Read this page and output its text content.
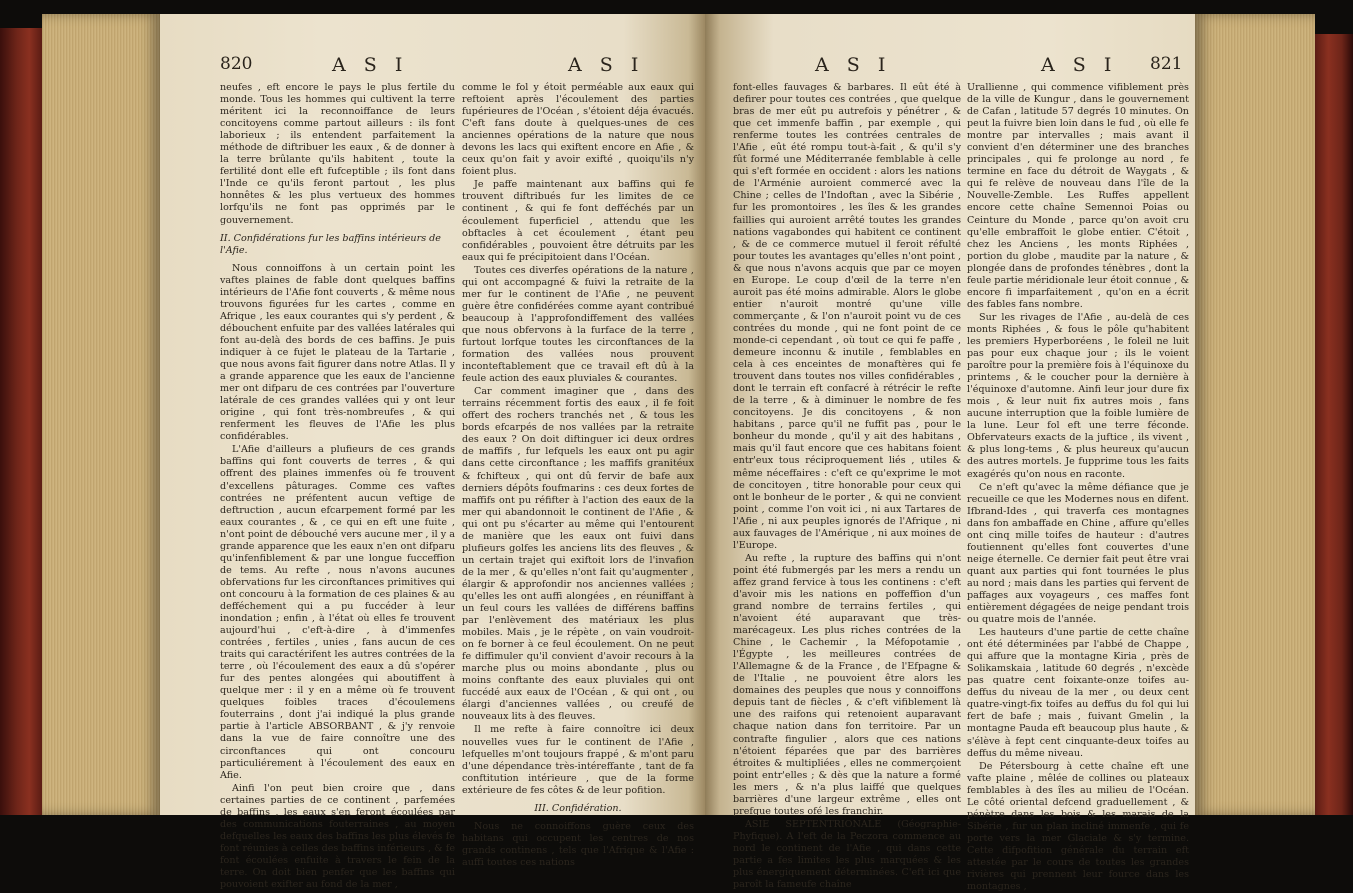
820	A S I	A S I

neufes , eft encore le pays le plus fertile du monde. Tous les hommes qui cultivent la terre méritent ici la reconnoiffance de leurs concitoyens comme partout ailleurs : ils font laborieux ; ils entendent parfaitement la méthode de diftribuer les eaux , & de donner à la terre brûlante qu'ils habitent , toute la fertilité dont elle eft fufceptible ; ils font dans l'Inde ce qu'ils feront partout , les plus honnêtes & les plus vertueux des hommes lorfqu'ils ne font pas opprimés par le gouvernement.

II. Confidérations fur les baffins intérieurs de l'Afie.

Nous connoiffons à un certain point les vaftes plaines de fable dont quelques baffins intérieurs de l'Afie font couverts , & même nous trouvons figurées fur les cartes , comme en Afrique , les eaux courantes qui s'y perdent , & débouchent enfuite par des vallées latérales qui font au-delà des bords de ces baffins. Je puis indiquer à ce fujet le plateau de la Tartarie , que nous avons fait figurer dans notre Atlas. Il y a grande apparence que les eaux de l'ancienne mer ont difparu de ces contrées par l'ouverture latérale de ces grandes vallées qui y ont leur origine , qui font très-nombreufes , & qui renferment les fleuves de l'Afie les plus confidérables.

L'Afie d'ailleurs a plufieurs de ces grands baffins qui font couverts de terres , & qui offrent des plaines immenfes où fe trouvent d'excellens pâturages. Comme ces vaftes contrées ne préfentent aucun veftige de deftruction , aucun efcarpement formé par les eaux courantes , & , ce qui en eft une fuite , n'ont point de débouché vers aucune mer , il y a grande apparence que les eaux n'en ont difparu qu'infenfiblement & par une longue fucceffion de tems. Au refte , nous n'avons aucunes obfervations fur les circonftances primitives qui ont concouru à la formation de ces plaines & au defféchement qui a pu fuccéder à leur inondation ; enfin , à l'état où elles fe trouvent aujourd'hui , c'eft-à-dire , à d'immenfes contrées , fertiles , unies , fans aucun de ces traits qui caractérifent les autres contrées de la terre , où l'écoulement des eaux a dû s'opérer fur des pentes alongées qui aboutiffent à quelque mer : il y en a même où fe trouvent quelques foibles traces d'écoulemens fouterrains , dont j'ai indiqué la plus grande partie à l'article ABSORBANT , & j'y renvoie dans la vue de faire connoître une des circonftances qui ont concouru particuliérement à l'écoulement des eaux en Afie.

Ainfi l'on peut bien croire que , dans certaines parties de ce continent , parfemées de baffins , les eaux s'en feront écoulées par des communications fouterraines , au moyen defquelles les eaux des baffins les plus élevés fe font réunies à celles des baffins inférieurs , & fe font écoulées enfuite à travers le fein de la terre. On doit bien penfer que les baffins qui pouvoient exifter au fond de la mer ,

comme le fol y étoit perméable aux eaux qui reftoient après l'écoulement des parties fupérieures de l'Océan , s'étoient déja évacués. C'eft fans doute à quelques-unes de ces anciennes opérations de la nature que nous devons les lacs qui exiftent encore en Afie , & ceux qu'on fait y avoir exifté , quoiqu'ils n'y foient plus.

Je paffe maintenant aux baffins qui fe trouvent diftribués fur les limites de ce continent , & qui fe font defféchés par un écoulement fuperficiel , attendu que les obftacles à cet écoulement , étant peu confidérables , pouvoient être détruits par les eaux qui fe précipitoient dans l'Océan.

Toutes ces diverfes opérations de la nature , qui ont accompagné & fuivi la retraite de la mer fur le continent de l'Afie , ne peuvent guère être confidérées comme ayant contribué beaucoup à l'approfondiffement des vallées que nous obfervons à la furface de la terre , furtout lorfque toutes les circonftances de la formation des vallées nous prouvent inconteftablement que ce travail eft dû à la feule action des eaux pluviales & courantes.

Car comment imaginer que , dans des terrains récemment fortis des eaux , il fe foit offert des rochers tranchés net , & tous les bords efcarpés de nos vallées par la retraite des eaux ? On doit diftinguer ici deux ordres de maffifs , fur lefquels les eaux ont pu agir dans cette circonftance ; les maffifs granitéux & fchifteux , qui ont dû fervir de bafe aux derniers dépôts foufmarins : ces deux fortes de maffifs ont pu réfifter à l'action des eaux de la mer qui abandonnoit le continent de l'Afie , & qui ont pu s'écarter au même qui l'entourent de manière que les eaux ont fuivi dans plufieurs golfes les anciens lits des fleuves , & un certain trajet qui exiftoit lors de l'invafion de la mer , & qu'elles n'ont fait qu'augmenter , élargir & approfondir nos anciennes vallées ; qu'elles les ont auffi alongées , en réuniffant à un feul cours les vallées de différens baffins par l'enlèvement des matériaux les plus mobiles. Mais , je le répète , on vain voudroit-on fe borner à ce feul écoulement. On ne peut fe diffimuler qu'il convient d'avoir recours à la marche plus ou moins abondante , plus ou moins conftante des eaux pluviales qui ont fuccédé aux eaux de l'Océan , & qui ont , ou élargi d'anciennes vallées , ou creufé de nouveaux lits à des fleuves.

Il me refte à faire connoître ici deux nouvelles vues fur le continent de l'Afie , lefquelles m'ont toujours frappé , & m'ont paru d'une dépendance très-intéreffante , tant de fa conftitution intérieure , que de la forme extérieure de fes côtes & de leur pofition.

III. Confidération.

Nous ne connoiffons guère ceux des habitans qui occupent les centres de nos grands continens , tels que l'Afrique & l'Afie : auffi toutes ces nations

A S I	A S I 821

font-elles fauvages & barbares. Il eût été à defirer pour toutes ces contrées , que quelque bras de mer eût pu autrefois y pénétrer , & que cet immenfe baffin , par exemple , qui renferme toutes les contrées centrales de l'Afie , eût été rompu tout-à-fait , & qu'il s'y fût formé une Méditerranée femblable à celle qui s'eft formée en occident : alors les nations de l'Arménie auroient commercé avec la Chine ; celles de l'Indoftan , avec la Sibérie , fur les promontoires , les îles & les grandes faillies qui auroient arrêté toutes les grandes nations vagabondes qui habitent ce continent , & de ce commerce mutuel il feroit réfulté pour toutes les avantages qu'elles n'ont point , & que nous n'avons acquis que par ce moyen en Europe. Le coup d'œil de la terre n'en auroit pas été moins admirable. Alors le globe entier n'auroit montré qu'une ville commerçante , & l'on n'auroit point vu de ces contrées du monde , qui ne font point de ce monde-ci cependant , où tout ce qui fe paffe , demeure inconnu & inutile , femblables en cela à ces enceintes de monaftères qui fe trouvent dans toutes nos villes confidérables , dont le terrain eft confacré à rétrécir le refte de la terre , & à diminuer le nombre de fes concitoyens. Je dis concitoyens , & non habitans , parce qu'il ne fuffit pas , pour le bonheur du monde , qu'il y ait des habitans , mais qu'il faut encore que ces habitans foient entr'eux tous réciproquement liés , utiles & même néceffaires : c'eft ce qu'exprime le mot de concitoyen , titre honorable pour ceux qui ont le bonheur de le porter , & qui ne convient point , comme l'on voit ici , ni aux Tartares de l'Afie , ni aux peuples ignorés de l'Afrique , ni aux fauvages de l'Amérique , ni aux moines de l'Europe.

Au refte , la rupture des baffins qui n'ont point été fubmergés par les mers a rendu un affez grand fervice à tous les continens : c'eft d'avoir mis les nations en poffeffion d'un grand nombre de terrains fertiles , qui n'avoient été auparavant que très-marécageux. Les plus riches contrées de la Chine , le Cachemir , la Méfopotamie , l'Égypte , les meilleures contrées de l'Allemagne & de la France , de l'Efpagne & de l'Italie , ne pouvoient être alors les domaines des peuples que nous y connoiffons depuis tant de fiècles , & c'eft vifiblement là une des raifons qui retenoient auparavant chaque nation dans fon territoire. Par un contrafte fingulier , alors que ces nations n'étoient féparées que par des barrières étroites & multipliées , elles ne commerçoient point entr'elles ; & dès que la nature a formé les mers , & n'a plus laiffé que quelques barrières d'une largeur extrême , elles ont prefque toutes ofé les franchir.

ASIE SEPTENTRIONALE (Géographie-Phyfique). A l'eft de la Peczora commence au nord le continent de l'Afie , qui dans cette partie a fes limites les plus marquées & les plus énergiquement déterminées. C'eft ici que paroît la fameufe chaîne

Urallienne , qui commence vifiblement près de la ville de Kungur , dans le gouvernement de Cafan , latitude 57 degrés 10 minutes. On peut la fuivre bien loin dans le fud , où elle fe montre par intervalles ; mais avant il convient d'en déterminer une des branches principales , qui fe prolonge au nord , fe termine en face du détroit de Waygats , & qui fe relève de nouveau dans l'île de la Nouvelle-Zemble. Les Ruffes appellent encore cette chaîne Semennoi Poias ou Ceinture du Monde , parce qu'on avoit cru qu'elle embraffoit le globe entier. C'étoit , chez les Anciens , les monts Riphées , portion du globe , maudite par la nature , & plongée dans de profondes ténèbres , dont la feule partie méridionale leur étoit connue , & encore fi imparfaitement , qu'on en a écrit des fables fans nombre.

Sur les rivages de l'Afie , au-delà de ces monts Riphées , & fous le pôle qu'habitent les premiers Hyperboréens , le foleil ne luit pas pour eux chaque jour ; ils le voient paroître pour la première fois à l'équinoxe du printems , & le coucher pour la dernière à l'équinoxe d'automne. Ainfi leur jour dure fix mois , & leur nuit fix autres mois , fans aucune interruption que la foible lumière de la lune. Leur fol eft une terre féconde. Obfervateurs exacts de la juftice , ils vivent , & plus long-tems , & plus heureux qu'aucun des autres mortels. Je fupprime tous les faits exagérés qu'on nous en raconte.

Ce n'eft qu'avec la même défiance que je recueille ce que les Modernes nous en difent. Ifbrand-Ides , qui traverfa ces montagnes dans fon ambaffade en Chine , affure qu'elles ont cinq mille toifes de hauteur : d'autres foutiennent qu'elles font couvertes d'une neige éternelle. Ce dernier fait peut être vrai quant aux parties qui font tournées le plus au nord ; mais dans les parties qui fervent de paffages aux voyageurs , ces maffes font entièrement dégagées de neige pendant trois ou quatre mois de l'année.

Les hauteurs d'une partie de cette chaîne ont été déterminées par l'abbé de Chappe , qui affure que la montagne Kiria , près de Solikamskaia , latitude 60 degrés , n'excède pas quatre cent foixante-onze toifes au-deffus du niveau de la mer , ou deux cent quatre-vingt-fix toifes au deffus du fol qui lui fert de bafe ; mais , fuivant Gmelin , la montagne Pauda eft beaucoup plus haute , & s'élève à fept cent cinquante-deux toifes au deffus du même niveau.

De Pétersbourg à cette chaîne eft une vafte plaine , mêlée de collines ou plateaux femblables à des îles au milieu de l'Océan. Le côté oriental defcend graduellement , & pénètre dans les bois & les marais de la Sibérie , fur un plan incliné immenfe , qui fe porte vers la mer Glaciale & s'y termine. Cette difpofition générale du terrain eft attestée par le cours de toutes les grandes rivières qui prennent leur fource dans les montagnes ,
